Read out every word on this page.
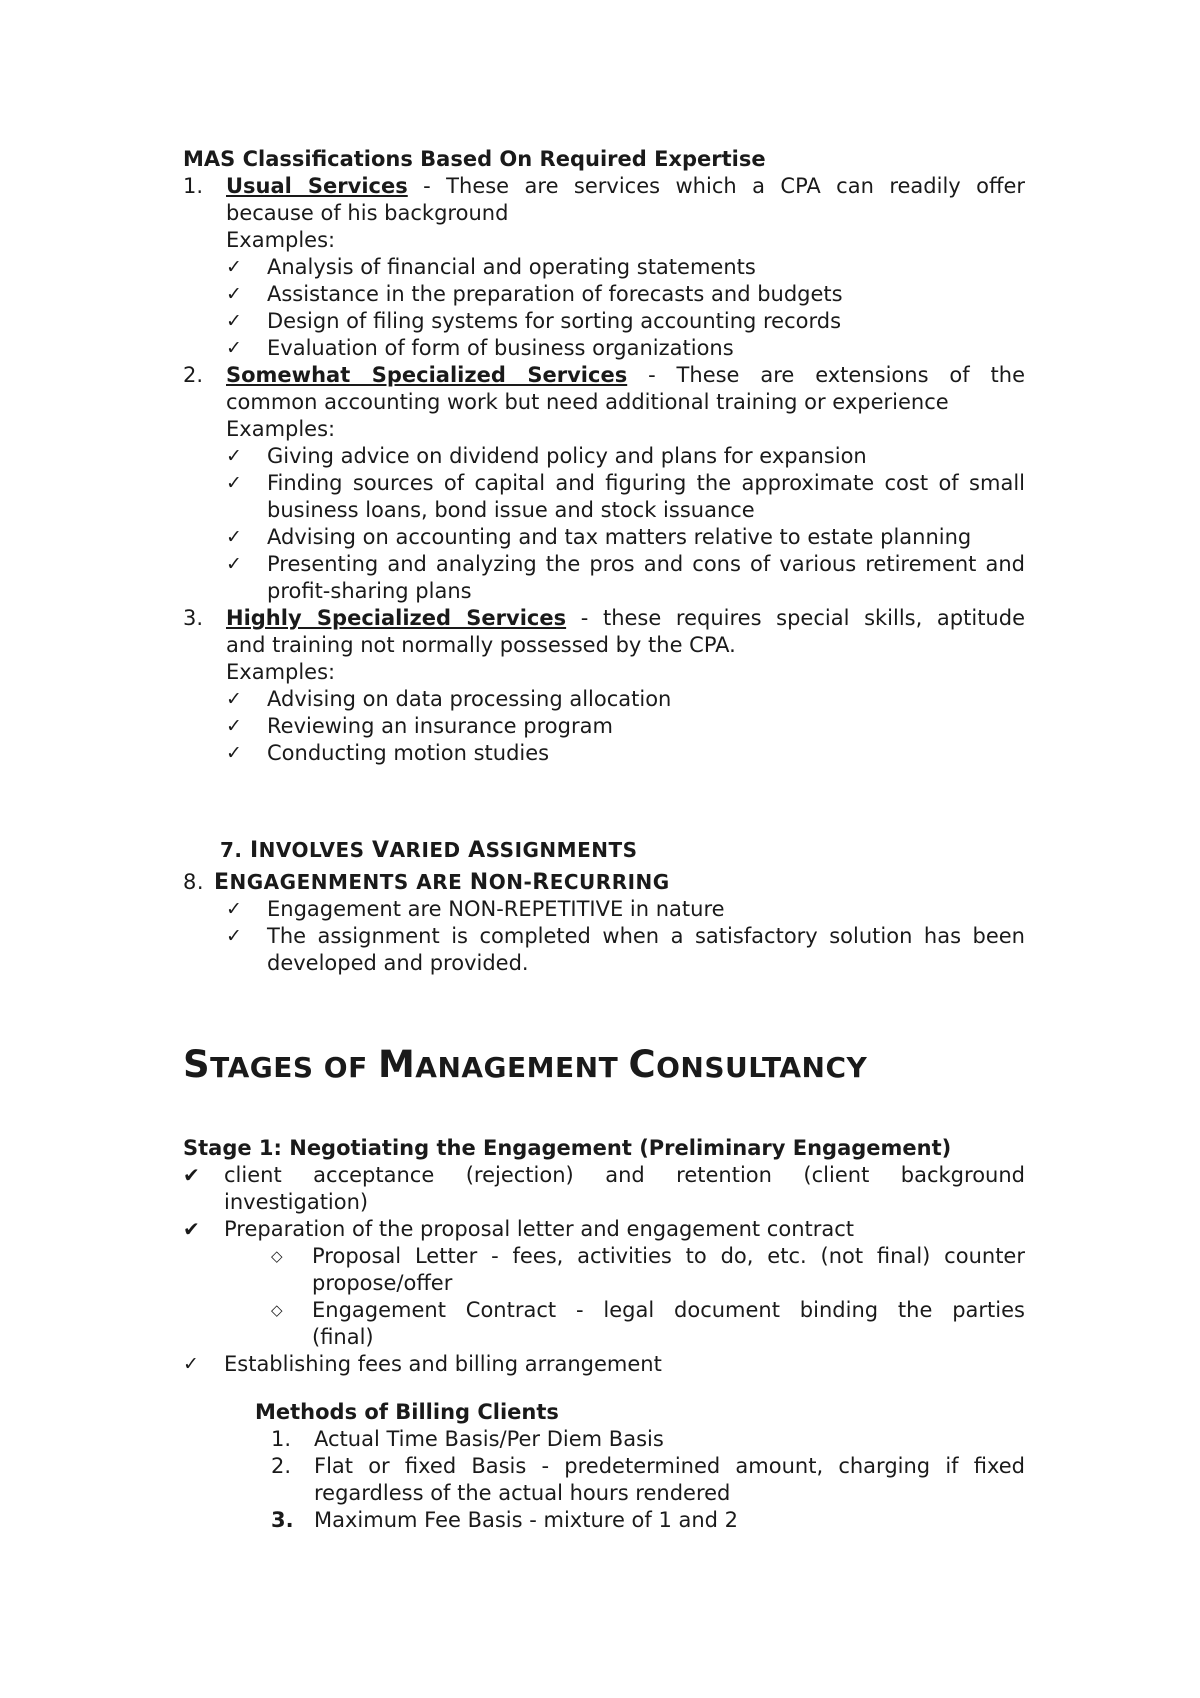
MAS Classifications Based On Required Expertise
1.	Usual Services - These are services which a CPA can readily offer
because of his background
Examples:
✓	Analysis of financial and operating statements
✓	Assistance in the preparation of forecasts and budgets
✓	Design of filing systems for sorting accounting records
✓	Evaluation of form of business organizations
2.	Somewhat Specialized Services - These are extensions of the
common accounting work but need additional training or experience
Examples:
✓	Giving advice on dividend policy and plans for expansion
✓	Finding sources of capital and figuring the approximate cost of small business loans, bond issue and stock issuance
✓	Advising on accounting and tax matters relative to estate planning
✓	Presenting and analyzing the pros and cons of various retirement and profit-sharing plans
3.	Highly Specialized Services - these requires special skills, aptitude
and training not normally possessed by the CPA.
Examples:
✓	Advising on data processing allocation
✓	Reviewing an insurance program
✓	Conducting motion studies
7. INVOLVES VARIED ASSIGNMENTS
8. ENGAGENMENTS ARE NON-RECURRING
✓	Engagement are NON-REPETITIVE in nature
✓	The assignment is completed when a satisfactory solution has been developed and provided.
STAGES OF MANAGEMENT CONSULTANCY
Stage 1: Negotiating the Engagement (Preliminary Engagement)
✔	client acceptance (rejection) and retention (client background
investigation)
✔	Preparation of the proposal letter and engagement contract
◇	Proposal Letter - fees, activities to do, etc. (not final) counter
propose/offer
◇	Engagement Contract - legal document binding the parties
(final)
✓	Establishing fees and billing arrangement
Methods of Billing Clients
1.	Actual Time Basis/Per Diem Basis
2.	Flat or fixed Basis - predetermined amount, charging if fixed
regardless of the actual hours rendered
3. Maximum Fee Basis - mixture of 1 and 2
